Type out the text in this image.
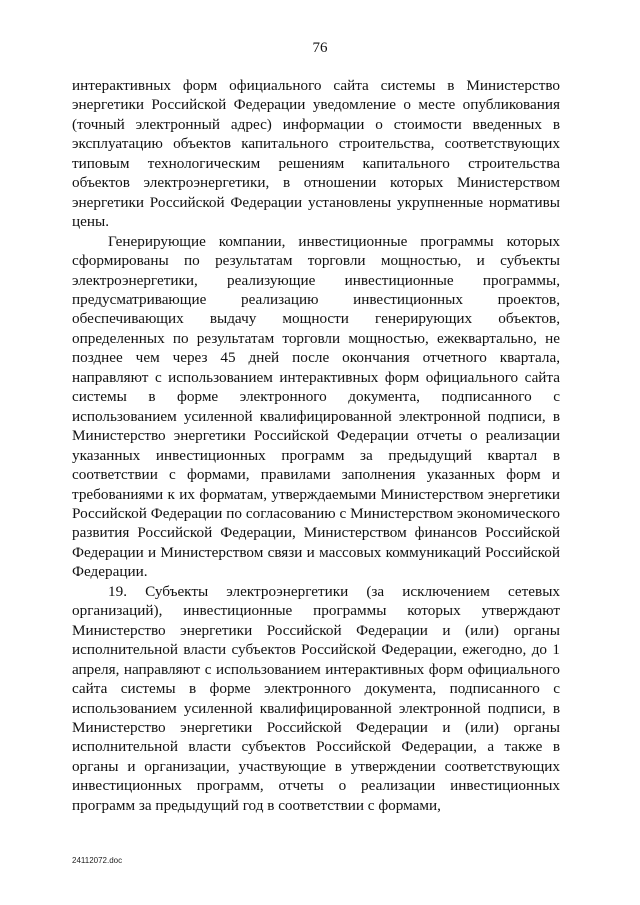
76

интерактивных форм официального сайта системы в Министерство энергетики Российской Федерации уведомление о месте опубликования (точный электронный адрес) информации о стоимости введенных в эксплуатацию объектов капитального строительства, соответствующих типовым технологическим решениям капитального строительства объектов электроэнергетики, в отношении которых Министерством энергетики Российской Федерации установлены укрупненные нормативы цены.

Генерирующие компании, инвестиционные программы которых сформированы по результатам торговли мощностью, и субъекты электроэнергетики, реализующие инвестиционные программы, предусматривающие реализацию инвестиционных проектов, обеспечивающих выдачу мощности генерирующих объектов, определенных по результатам торговли мощностью, ежеквартально, не позднее чем через 45 дней после окончания отчетного квартала, направляют с использованием интерактивных форм официального сайта системы в форме электронного документа, подписанного с использованием усиленной квалифицированной электронной подписи, в Министерство энергетики Российской Федерации отчеты о реализации указанных инвестиционных программ за предыдущий квартал в соответствии с формами, правилами заполнения указанных форм и требованиями к их форматам, утверждаемыми Министерством энергетики Российской Федерации по согласованию с Министерством экономического развития Российской Федерации, Министерством финансов Российской Федерации и Министерством связи и массовых коммуникаций Российской Федерации.

19. Субъекты электроэнергетики (за исключением сетевых организаций), инвестиционные программы которых утверждают Министерство энергетики Российской Федерации и (или) органы исполнительной власти субъектов Российской Федерации, ежегодно, до 1 апреля, направляют с использованием интерактивных форм официального сайта системы в форме электронного документа, подписанного с использованием усиленной квалифицированной электронной подписи, в Министерство энергетики Российской Федерации и (или) органы исполнительной власти субъектов Российской Федерации, а также в органы и организации, участвующие в утверждении соответствующих инвестиционных программ, отчеты о реализации инвестиционных программ за предыдущий год в соответствии с формами,

24112072.doc
